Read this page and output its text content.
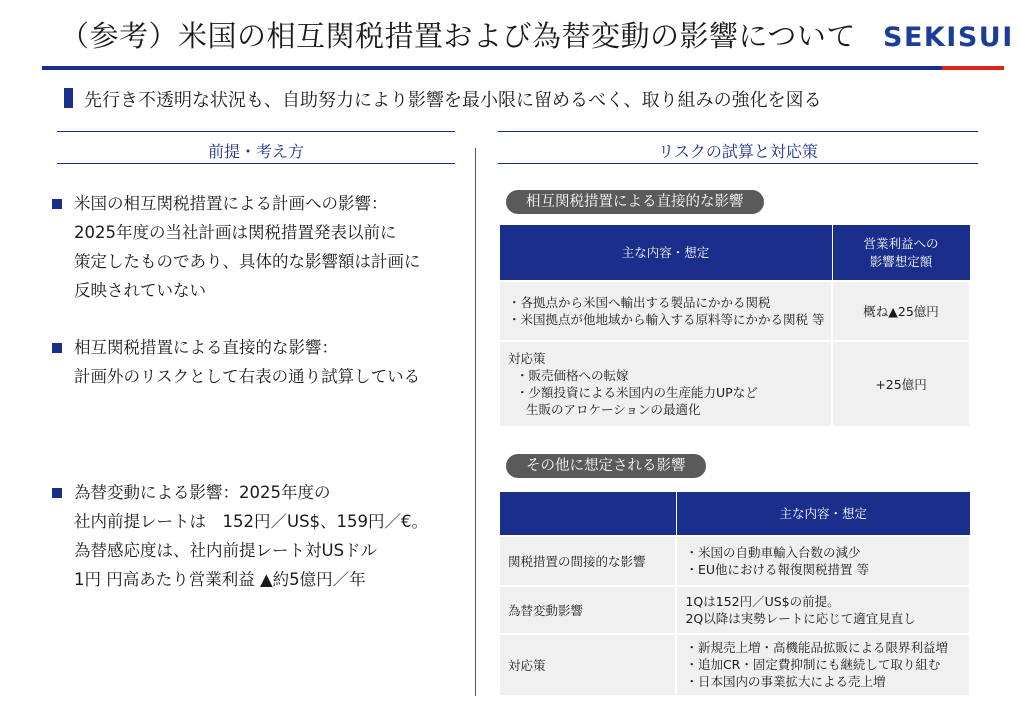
（参考）米国の相互関税措置および為替変動の影響について SEKISUI
先行き不透明な状況も、自助努力により影響を最小限に留めるべく、取り組みの強化を図る
前提・考え方	リスクの試算と対応策
米国の相互関税措置による計画への影響：
2025年度の当社計画は関税措置発表以前に
策定したものであり、具体的な影響額は計画に
反映されていない
相互関税措置による直接的な影響：
計画外のリスクとして右表の通り試算している
為替変動による影響：2025年度の
社内前提レートは　152円／US$、159円／€。
為替感応度は、社内前提レート対USドル
1円 円高あたり営業利益 ▲約5億円／年
相互関税措置による直接的な影響
主な内容・想定	営業利益への
影響想定額

・各拠点から米国へ輸出する製品にかかる関税
・米国拠点が他地域から輸入する原料等にかかる関税 等	概ね▲25億円

対応策
・販売価格への転嫁
・少額投資による米国内の生産能力UPなど
生販のアロケーションの最適化	+25億円
その他に想定される影響
	主な内容・想定
関税措置の間接的な影響	・米国の自動車輸入台数の減少
・EU他における報復関税措置 等

為替変動影響	1Qは152円／US$の前提。
2Q以降は実勢レートに応じて適宜見直し

対応策	・新規売上増・高機能品拡販による限界利益増
・追加CR・固定費抑制にも継続して取り組む
・日本国内の事業拡大による売上増
